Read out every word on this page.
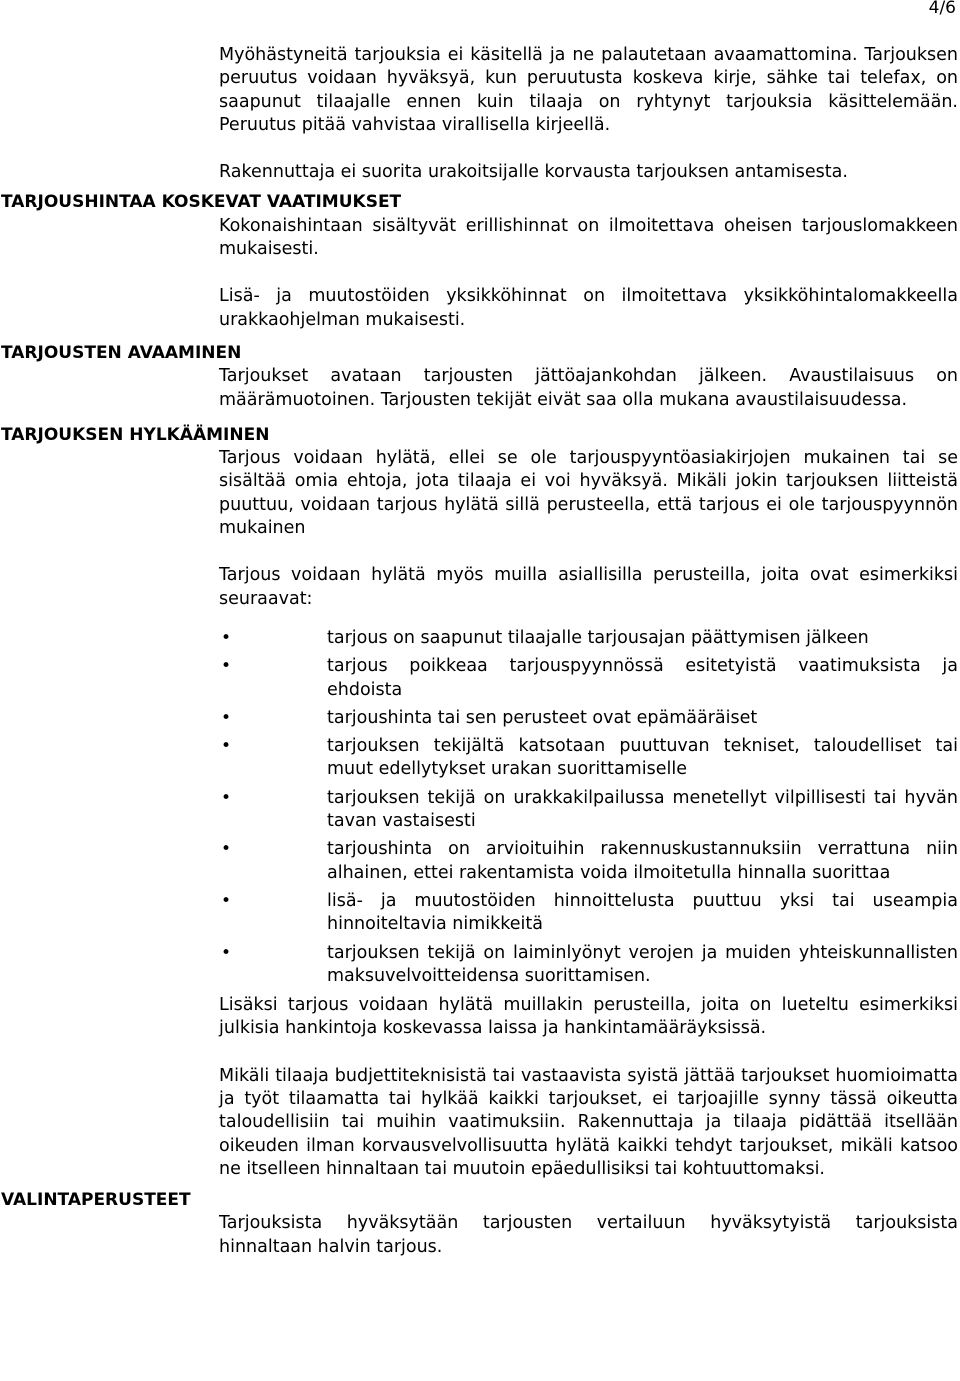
4/6

Myöhästyneitä tarjouksia ei käsitellä ja ne palautetaan avaamattomina. Tarjouksen peruutus voidaan hyväksyä, kun peruutusta koskeva kirje, sähke tai telefax, on saapunut tilaajalle ennen kuin tilaaja on ryhtynyt tarjouksia käsittelemään. Peruutus pitää vahvistaa virallisella kirjeellä.

Rakennuttaja ei suorita urakoitsijalle korvausta tarjouksen antamisesta.

TARJOUSHINTAA KOSKEVAT VAATIMUKSET

Kokonaishintaan sisältyvät erillishinnat on ilmoitettava oheisen tarjouslomakkeen mukaisesti.

Lisä- ja muutostöiden yksikköhinnat on ilmoitettava yksikköhintalomakkeella urakkaohjelman mukaisesti.

TARJOUSTEN AVAAMINEN

Tarjoukset avataan tarjousten jättöajankohdan jälkeen. Avaustilaisuus on määrämuotoinen. Tarjousten tekijät eivät saa olla mukana avaustilaisuudessa.

TARJOUKSEN HYLKÄÄMINEN

Tarjous voidaan hylätä, ellei se ole tarjouspyyntöasiakirjojen mukainen tai se sisältää omia ehtoja, jota tilaaja ei voi hyväksyä. Mikäli jokin tarjouksen liitteistä puuttuu, voidaan tarjous hylätä sillä perusteella, että tarjous ei ole tarjouspyynnön mukainen

Tarjous voidaan hylätä myös muilla asiallisilla perusteilla, joita ovat esimerkiksi seuraavat:

•	tarjous on saapunut tilaajalle tarjousajan päättymisen jälkeen
•	tarjous poikkeaa tarjouspyynnössä esitetyistä vaatimuksista ja ehdoista
•	tarjoushinta tai sen perusteet ovat epämääräiset
•	tarjouksen tekijältä katsotaan puuttuvan tekniset, taloudelliset tai muut edellytykset urakan suorittamiselle
•	tarjouksen tekijä on urakkakilpailussa menetellyt vilpillisesti tai hyvän tavan vastaisesti
•	tarjoushinta on arvioituihin rakennuskustannuksiin verrattuna niin alhainen, ettei rakentamista voida ilmoitetulla hinnalla suorittaa
•	lisä- ja muutostöiden hinnoittelusta puuttuu yksi tai useampia hinnoiteltavia nimikkeitä
•	tarjouksen tekijä on laiminlyönyt verojen ja muiden yhteiskunnallisten maksuvelvoitteidensa suorittamisen.

Lisäksi tarjous voidaan hylätä muillakin perusteilla, joita on lueteltu esimerkiksi julkisia hankintoja koskevassa laissa ja hankintamääräyksissä.

Mikäli tilaaja budjettiteknisistä tai vastaavista syistä jättää tarjoukset huomioimatta ja työt tilaamatta tai hylkää kaikki tarjoukset, ei tarjoajille synny tässä oikeutta taloudellisiin tai muihin vaatimuksiin. Rakennuttaja ja tilaaja pidättää itsellään oikeuden ilman korvausvelvollisuutta hylätä kaikki tehdyt tarjoukset, mikäli katsoo ne itselleen hinnaltaan tai muutoin epäedullisiksi tai kohtuuttomaksi.

VALINTAPERUSTEET

Tarjouksista hyväksytään tarjousten vertailuun hyväksytyistä tarjouksista hinnaltaan halvin tarjous.
